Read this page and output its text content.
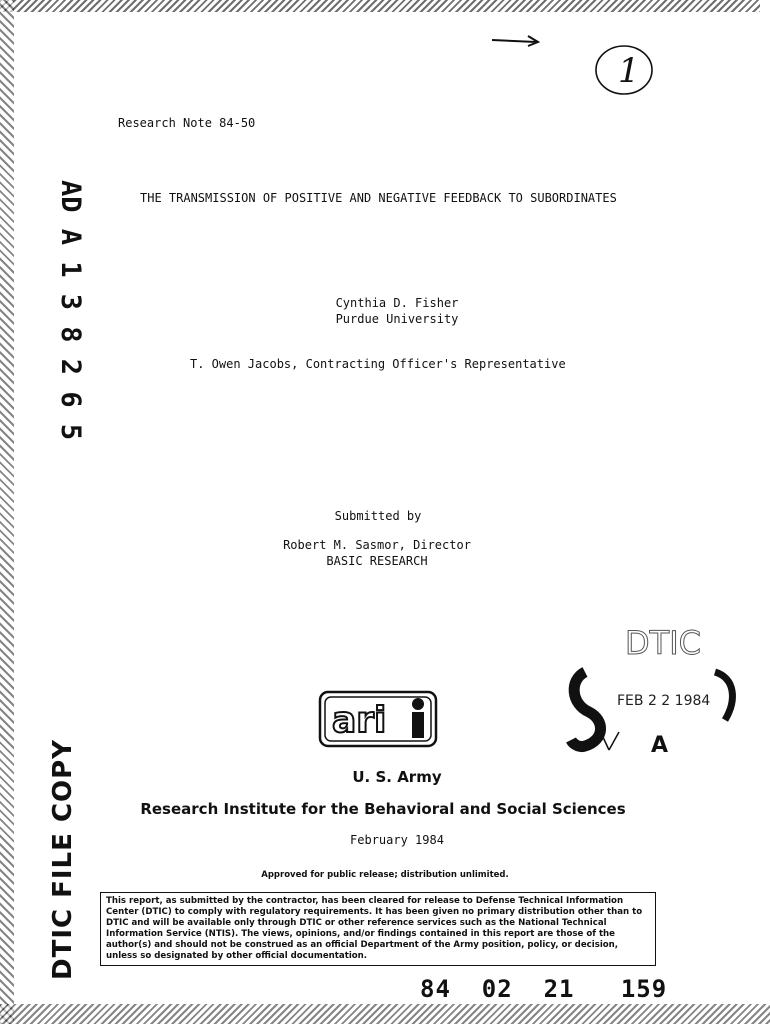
1
AD A 1 3 8 2 6 5
Research Note 84-50
THE TRANSMISSION OF POSITIVE AND NEGATIVE FEEDBACK TO SUBORDINATES
Cynthia D. Fisher
Purdue University
T. Owen Jacobs, Contracting Officer's Representative
Submitted by
Robert M. Sasmor, Director
BASIC RESEARCH
ari
DTIC
FEB 2 2 1984
A
U. S. Army
Research Institute for the Behavioral and Social Sciences
February 1984
DTIC FILE COPY	Approved for public release; distribution unlimited.
This report, as submitted by the contractor, has been cleared for release to Defense Technical Information Center (DTIC) to comply with regulatory requirements. It has been given no primary distribution other than to DTIC and will be available only through DTIC or other reference services such as the National Technical Information Service (NTIS). The views, opinions, and/or findings contained in this report are those of the author(s) and should not be construed as an official Department of the Army position, policy, or decision, unless so designated by other official documentation.
84  02  21   159
